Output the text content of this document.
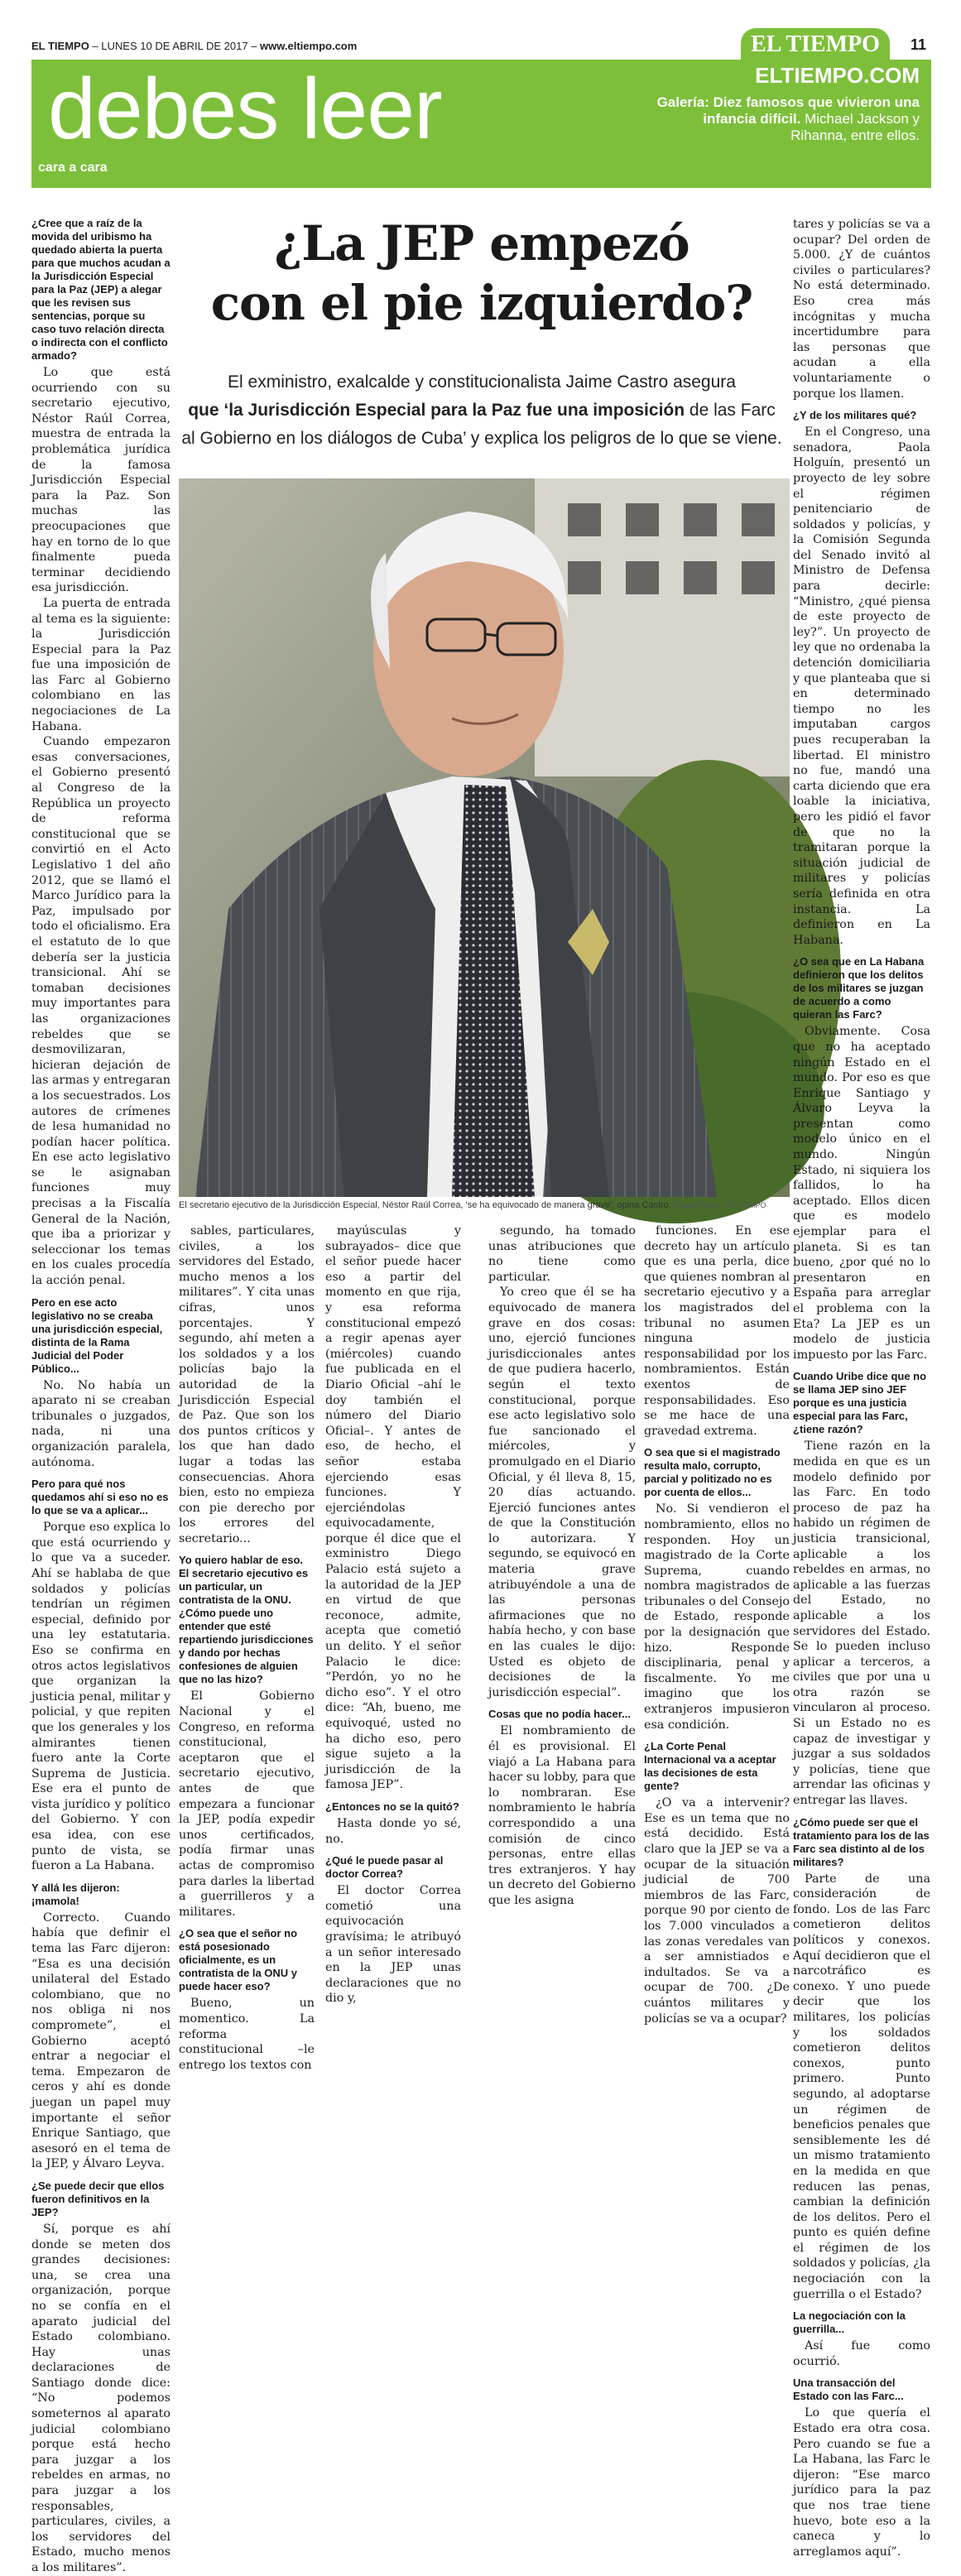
EL TIEMPO – LUNES 10 DE ABRIL DE 2017 – www.eltiempo.com	EL TIEMPO	11
debes leer
cara a cara
ELTIEMPO.COM
Galería: Diez famosos que vivieron una infancia difícil. Michael Jackson y Rihanna, entre ellos.

¿Cree que a raíz de la movida del uribismo ha quedado abierta la puerta para que muchos acudan a la Jurisdicción Especial para la Paz (JEP) a alegar que les revisen sus sentencias, porque su caso tuvo relación directa o indirecta con el conflicto armado?

Lo que está ocurriendo con su secretario ejecutivo, Néstor Raúl Correa, muestra de entrada la problemática jurídica de la famosa Jurisdicción Especial para la Paz. Son muchas las preocupaciones que hay en torno de lo que finalmente pueda terminar decidiendo esa jurisdicción.

La puerta de entrada al tema es la siguiente: la Jurisdicción Especial para la Paz fue una imposición de las Farc al Gobierno colombiano en las negociaciones de La Habana.

Cuando empezaron esas conversaciones, el Gobierno presentó al Congreso de la República un proyecto de reforma constitucional que se convirtió en el Acto Legislativo 1 del año 2012, que se llamó el Marco Jurídico para la Paz, impulsado por todo el oficialismo. Era el estatuto de lo que debería ser la justicia transicional. Ahí se tomaban decisiones muy importantes para las organizaciones rebeldes que se desmovilizaran, hicieran dejación de las armas y entregaran a los secuestrados. Los autores de crímenes de lesa humanidad no podían hacer política. En ese acto legislativo se le asignaban funciones muy precisas a la Fiscalía General de la Nación, que iba a priorizar y seleccionar los temas en los cuales procedía la acción penal.

Pero en ese acto legislativo no se creaba una jurisdicción especial, distinta de la Rama Judicial del Poder Público...

No. No había un aparato ni se creaban tribunales o juzgados, nada, ni una organización paralela, autónoma.

Pero para qué nos quedamos ahí si eso no es lo que se va a aplicar...

Porque eso explica lo que está ocurriendo y lo que va a suceder. Ahí se hablaba de que soldados y policías tendrían un régimen especial, definido por una ley estatutaria. Eso se confirma en otros actos legislativos que organizan la justicia penal, militar y policial, y que repiten que los generales y los almirantes tienen fuero ante la Corte Suprema de Justicia. Ese era el punto de vista jurídico y político del Gobierno. Y con esa idea, con ese punto de vista, se fueron a La Habana.

Y allá les dijeron: ¡mamola!

Correcto. Cuando había que definir el tema las Farc dijeron: “Esa es una decisión unilateral del Estado colombiano, que no nos obliga ni nos compromete”, el Gobierno aceptó entrar a negociar el tema. Empezaron de ceros y ahí es donde juegan un papel muy importante el señor Enrique Santiago, que asesoró en el tema de la JEP, y Álvaro Leyva.

¿Se puede decir que ellos fueron definitivos en la JEP?

Sí, porque es ahí donde se meten dos grandes decisiones: una, se crea una organización, porque no se confía en el aparato judicial del Estado colombiano. Hay unas declaraciones de Santiago donde dice: “No podemos someternos al aparato judicial colombiano porque está hecho para juzgar a los rebeldes en armas, no para juzgar a los responsables, particulares, civiles, a los servidores del Estado, mucho menos a los militares”.

¿La JEP empezó
con el pie izquierdo?
El exministro, exalcalde y constitucionalista Jaime Castro asegura
que ‘la Jurisdicción Especial para la Paz fue una imposición de las Farc
al Gobierno en los diálogos de Cuba’ y explica los peligros de lo que se viene.
El secretario ejecutivo de la Jurisdicción Especial, Néstor Raúl Correa, 'se ha equivocado de manera grave', opina Castro. Claudia Rubio / EL TIEMPO

sables, particulares, civiles, a los servidores del Estado, mucho menos a los militares”. Y cita unas cifras, unos porcentajes. Y segundo, ahí meten a los soldados y a los policías bajo la autoridad de la Jurisdicción Especial de Paz. Que son los dos puntos críticos y los que han dado lugar a todas las consecuencias. Ahora bien, esto no empieza con pie derecho por los errores del secretario...

Yo quiero hablar de eso. El secretario ejecutivo es un particular, un contratista de la ONU. ¿Cómo puede uno entender que esté repartiendo jurisdicciones y dando por hechas confesiones de alguien que no las hizo?

El Gobierno Nacional y el Congreso, en reforma constitucional, aceptaron que el secretario ejecutivo, antes de que empezara a funcionar la JEP, podía expedir unos certificados, podía firmar unas actas de compromiso para darles la libertad a guerrilleros y a militares.

¿O sea que el señor no está posesionado oficialmente, es un contratista de la ONU y puede hacer eso?

Bueno, un momentico. La reforma constitucional –le entrego los textos con

mayúsculas y subrayados– dice que el señor puede hacer eso a partir del momento en que rija, y esa reforma constitucional empezó a regir apenas ayer (miércoles) cuando fue publicada en el Diario Oficial –ahí le doy también el número del Diario Oficial–. Y antes de eso, de hecho, el señor estaba ejerciendo esas funciones. Y ejerciéndolas equivocadamente, porque él dice que el exministro Diego Palacio está sujeto a la autoridad de la JEP en virtud de que reconoce, admite, acepta que cometió un delito. Y el señor Palacio le dice: “Perdón, yo no he dicho eso”. Y el otro dice: “Ah, bueno, me equivoqué, usted no ha dicho eso, pero sigue sujeto a la jurisdicción de la famosa JEP”.

¿Entonces no se la quitó?

Hasta donde yo sé, no.

¿Qué le puede pasar al doctor Correa?

El doctor Correa cometió una equivocación gravísima; le atribuyó a un señor interesado en la JEP unas declaraciones que no dio y,

segundo, ha tomado unas atribuciones que no tiene como particular.

Yo creo que él se ha equivocado de manera grave en dos cosas: uno, ejerció funciones jurisdiccionales antes de que pudiera hacerlo, según el texto constitucional, porque ese acto legislativo solo fue sancionado el miércoles, y promulgado en el Diario Oficial, y él lleva 8, 15, 20 días actuando. Ejerció funciones antes de que la Constitución lo autorizara. Y segundo, se equivocó en materia grave atribuyéndole a una de las personas afirmaciones que no había hecho, y con base en las cuales le dijo: Usted es objeto de decisiones de la jurisdicción especial”.

Cosas que no podía hacer...

El nombramiento de él es provisional. El viajó a La Habana para hacer su lobby, para que lo nombraran. Ese nombramiento le habría correspondido a una comisión de cinco personas, entre ellas tres extranjeros. Y hay un decreto del Gobierno que les asigna

funciones. En ese decreto hay un artículo que es una perla, dice que quienes nombran al secretario ejecutivo y a los magistrados del tribunal no asumen ninguna responsabilidad por los nombramientos. Están exentos de responsabilidades. Eso se me hace de una gravedad extrema.

O sea que si el magistrado resulta malo, corrupto, parcial y politizado no es por cuenta de ellos...

No. Si vendieron el nombramiento, ellos no responden. Hoy un magistrado de la Corte Suprema, cuando nombra magistrados de tribunales o del Consejo de Estado, responde por la designación que hizo. Responde disciplinaria, penal y fiscalmente. Yo me imagino que los extranjeros impusieron esa condición.

¿La Corte Penal Internacional va a aceptar las decisiones de esta gente?

¿O va a intervenir? Ese es un tema que no está decidido. Está claro que la JEP se va a ocupar de la situación judicial de 700 miembros de las Farc, porque 90 por ciento de los 7.000 vinculados a las zonas veredales van a ser amnistiados e indultados. Se va a ocupar de 700. ¿De cuántos militares y policías se va a ocupar?

tares y policías se va a ocupar? Del orden de 5.000. ¿Y de cuántos civiles o particulares? No está determinado. Eso crea más incógnitas y mucha incertidumbre para las personas que acudan a ella voluntariamente o porque los llamen.

¿Y de los militares qué?

En el Congreso, una senadora, Paola Holguín, presentó un proyecto de ley sobre el régimen penitenciario de soldados y policías, y la Comisión Segunda del Senado invitó al Ministro de Defensa para decirle: “Ministro, ¿qué piensa de este proyecto de ley?”. Un proyecto de ley que no ordenaba la detención domiciliaria y que planteaba que si en determinado tiempo no les imputaban cargos pues recuperaban la libertad. El ministro no fue, mandó una carta diciendo que era loable la iniciativa, pero les pidió el favor de que no la tramitaran porque la situación judicial de militares y policías sería definida en otra instancia. La definieron en La Habana.

¿O sea que en La Habana definieron que los delitos de los militares se juzgan de acuerdo a como quieran las Farc?

Obviamente. Cosa que no ha aceptado ningún Estado en el mundo. Por eso es que Enrique Santiago y Álvaro Leyva la presentan como modelo único en el mundo. Ningún Estado, ni siquiera los fallidos, lo ha aceptado. Ellos dicen que es modelo ejemplar para el planeta. Si es tan bueno, ¿por qué no lo presentaron en España para arreglar el problema con la Eta? La JEP es un modelo de justicia impuesto por las Farc.

Cuando Uribe dice que no se llama JEP sino JEF porque es una justicia especial para las Farc, ¿tiene razón?

Tiene razón en la medida en que es un modelo definido por las Farc. En todo proceso de paz ha habido un régimen de justicia transicional, aplicable a los rebeldes en armas, no aplicable a las fuerzas del Estado, no aplicable a los servidores del Estado. Se lo pueden incluso aplicar a terceros, a civiles que por una u otra razón se vincularon al proceso. Si un Estado no es capaz de investigar y juzgar a sus soldados y policías, tiene que arrendar las oficinas y entregar las llaves.

¿Cómo puede ser que el tratamiento para los de las Farc sea distinto al de los militares?

Parte de una consideración de fondo. Los de las Farc cometieron delitos políticos y conexos. Aquí decidieron que el narcotráfico es conexo. Y uno puede decir que los militares, los policías y los soldados cometieron delitos conexos, punto primero. Punto segundo, al adoptarse un régimen de beneficios penales que sensiblemente les dé un mismo tratamiento en la medida en que reducen las penas, cambian la definición de los delitos. Pero el punto es quién define el régimen de los soldados y policías, ¿la negociación con la guerrilla o el Estado?

La negociación con la guerrilla...

Así fue como ocurrió.

Una transacción del Estado con las Farc...

Lo que quería el Estado era otra cosa. Pero cuando se fue a La Habana, las Farc le dijeron: “Ese marco jurídico para la paz que nos trae tiene huevo, bote eso a la caneca y lo arreglamos aquí”.
